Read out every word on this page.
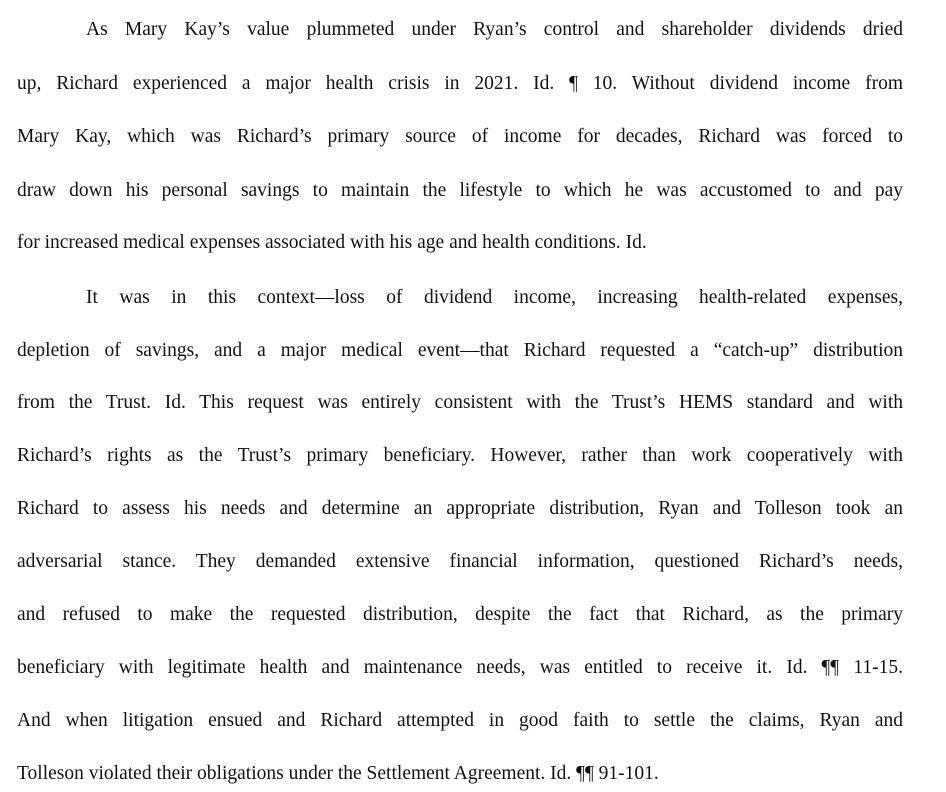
As Mary Kay’s value plummeted under Ryan’s control and shareholder dividends dried
up, Richard experienced a major health crisis in 2021. Id. ¶ 10. Without dividend income from
Mary Kay, which was Richard’s primary source of income for decades, Richard was forced to
draw down his personal savings to maintain the lifestyle to which he was accustomed to and pay
for increased medical expenses associated with his age and health conditions. Id.
It was in this context—loss of dividend income, increasing health-related expenses,
depletion of savings, and a major medical event—that Richard requested a “catch-up” distribution
from the Trust. Id. This request was entirely consistent with the Trust’s HEMS standard and with
Richard’s rights as the Trust’s primary beneficiary. However, rather than work cooperatively with
Richard to assess his needs and determine an appropriate distribution, Ryan and Tolleson took an
adversarial stance. They demanded extensive financial information, questioned Richard’s needs,
and refused to make the requested distribution, despite the fact that Richard, as the primary
beneficiary with legitimate health and maintenance needs, was entitled to receive it. Id. ¶¶ 11-15.
And when litigation ensued and Richard attempted in good faith to settle the claims, Ryan and
Tolleson violated their obligations under the Settlement Agreement. Id. ¶¶ 91-101.
